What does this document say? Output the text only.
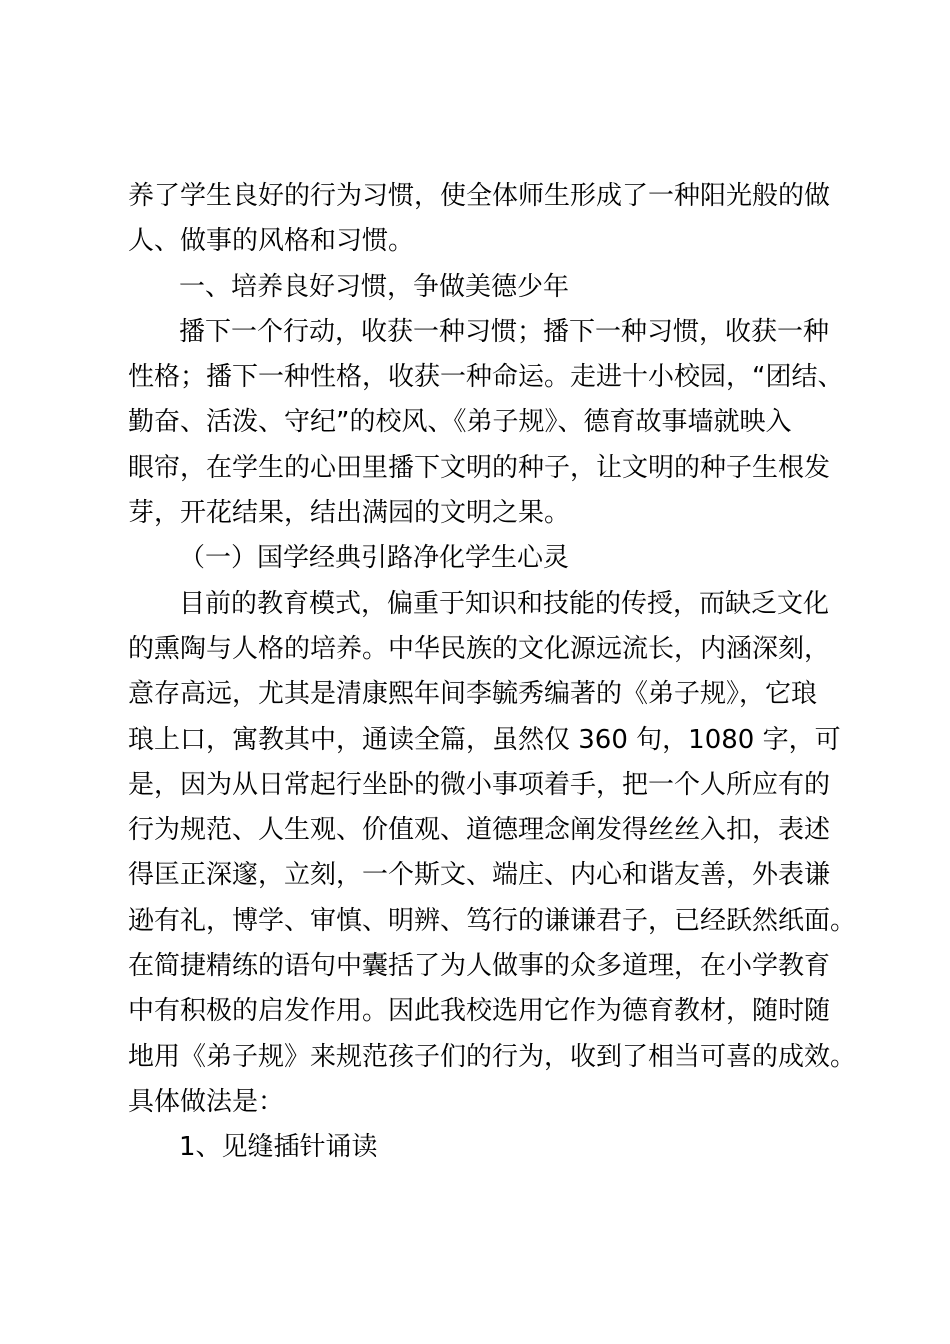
养了学生良好的行为习惯，使全体师生形成了一种阳光般的做
人、做事的风格和习惯。
一、培养良好习惯，争做美德少年
播下一个行动，收获一种习惯；播下一种习惯，收获一种
性格；播下一种性格，收获一种命运。走进十小校园，“团结、
勤奋、活泼、守纪”的校风、《弟子规》、德育故事墙就映入
眼帘，在学生的心田里播下文明的种子，让文明的种子生根发
芽，开花结果，结出满园的文明之果。
（一）国学经典引路净化学生心灵
目前的教育模式，偏重于知识和技能的传授，而缺乏文化
的熏陶与人格的培养。中华民族的文化源远流长，内涵深刻，
意存高远，尤其是清康熙年间李毓秀编著的《弟子规》，它琅
琅上口，寓教其中，通读全篇，虽然仅 360 句，1080 字，可
是，因为从日常起行坐卧的微小事项着手，把一个人所应有的
行为规范、人生观、价值观、道德理念阐发得丝丝入扣，表述
得匡正深邃，立刻，一个斯文、端庄、内心和谐友善，外表谦
逊有礼，博学、审慎、明辨、笃行的谦谦君子，已经跃然纸面。
在简捷精练的语句中囊括了为人做事的众多道理，在小学教育
中有积极的启发作用。因此我校选用它作为德育教材，随时随
地用《弟子规》来规范孩子们的行为，收到了相当可喜的成效。
具体做法是：
1、见缝插针诵读
